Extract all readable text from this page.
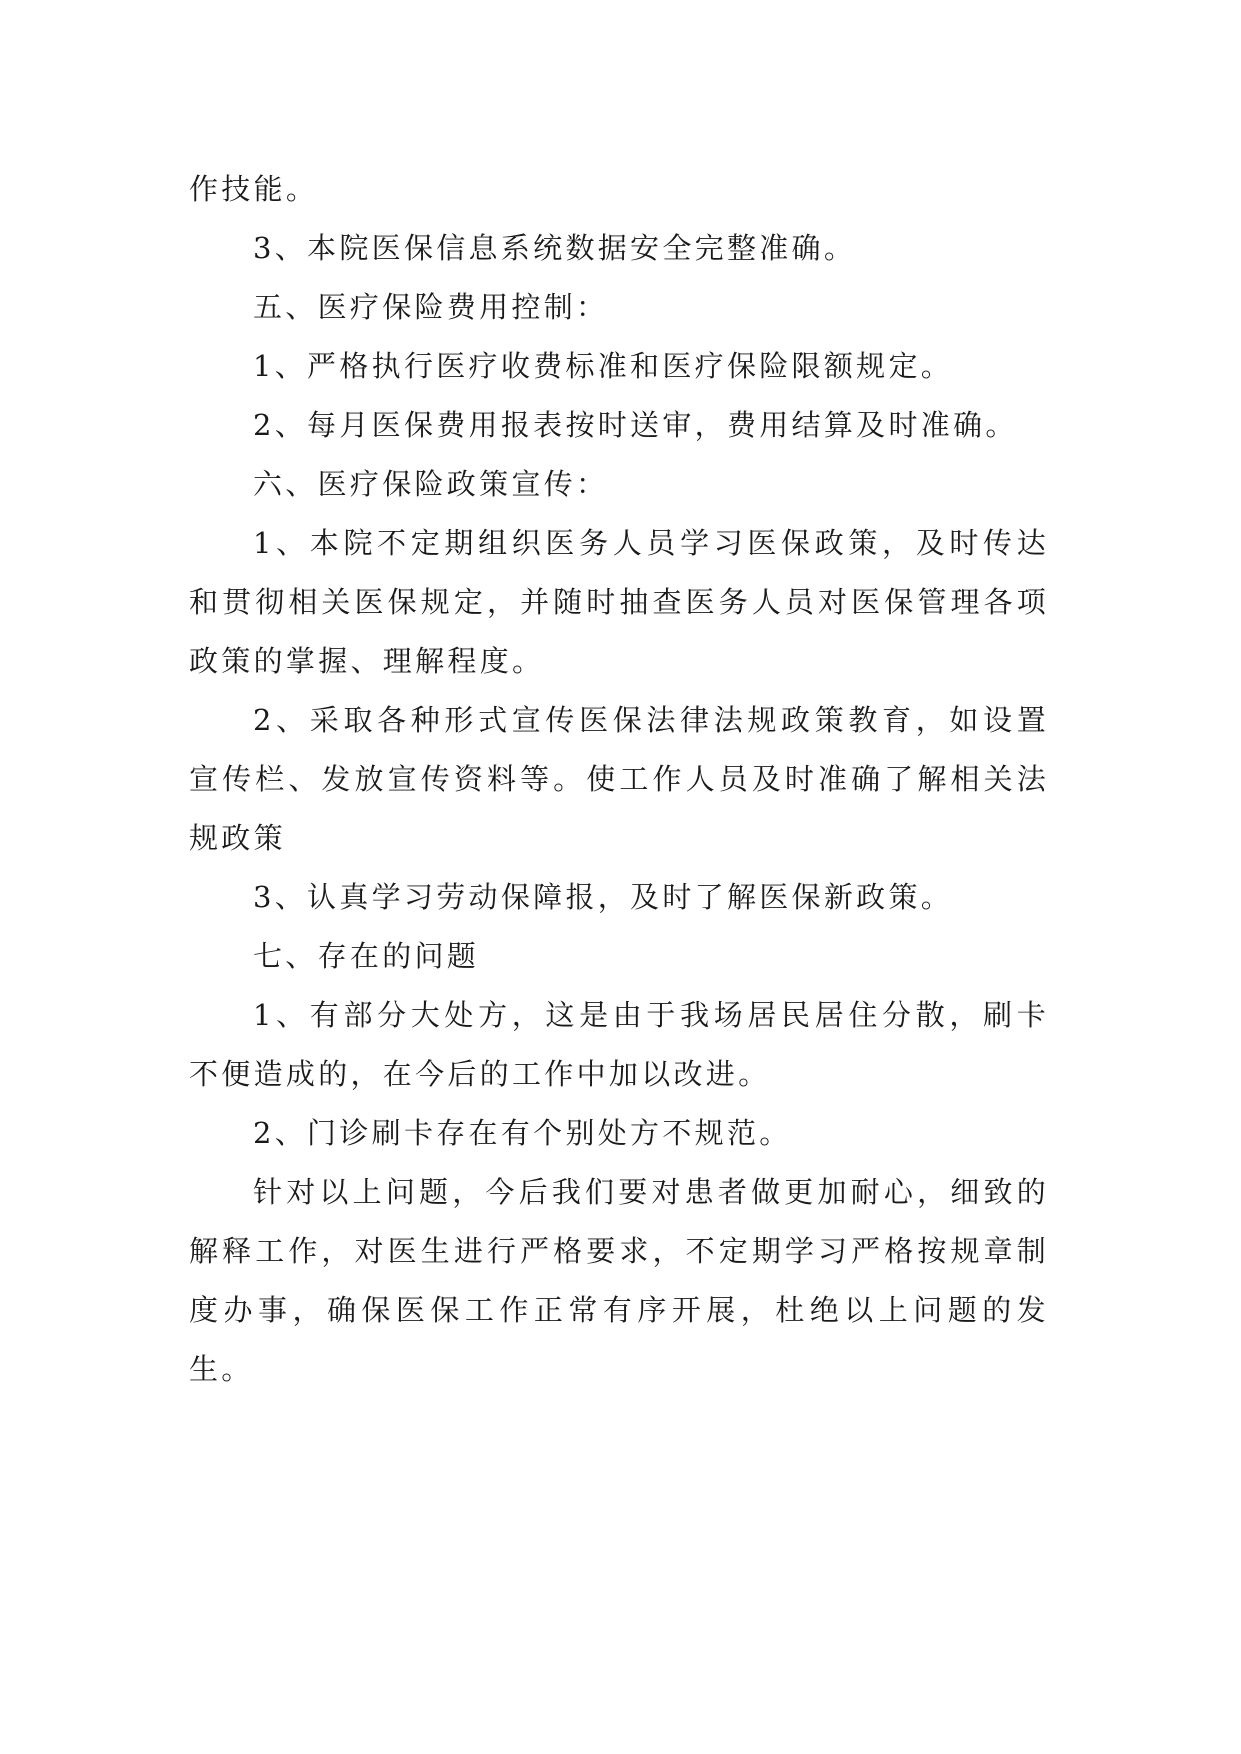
作技能。

3、本院医保信息系统数据安全完整准确。

五、医疗保险费用控制：

1、严格执行医疗收费标准和医疗保险限额规定。

2、每月医保费用报表按时送审，费用结算及时准确。

六、医疗保险政策宣传：

1、本院不定期组织医务人员学习医保政策，及时传达和贯彻相关医保规定，并随时抽查医务人员对医保管理各项政策的掌握、理解程度。

2、采取各种形式宣传医保法律法规政策教育，如设置宣传栏、发放宣传资料等。使工作人员及时准确了解相关法规政策

3、认真学习劳动保障报，及时了解医保新政策。

七、存在的问题

1、有部分大处方，这是由于我场居民居住分散，刷卡不便造成的，在今后的工作中加以改进。

2、门诊刷卡存在有个别处方不规范。

针对以上问题，今后我们要对患者做更加耐心，细致的解释工作，对医生进行严格要求，不定期学习严格按规章制度办事，确保医保工作正常有序开展，杜绝以上问题的发生。
